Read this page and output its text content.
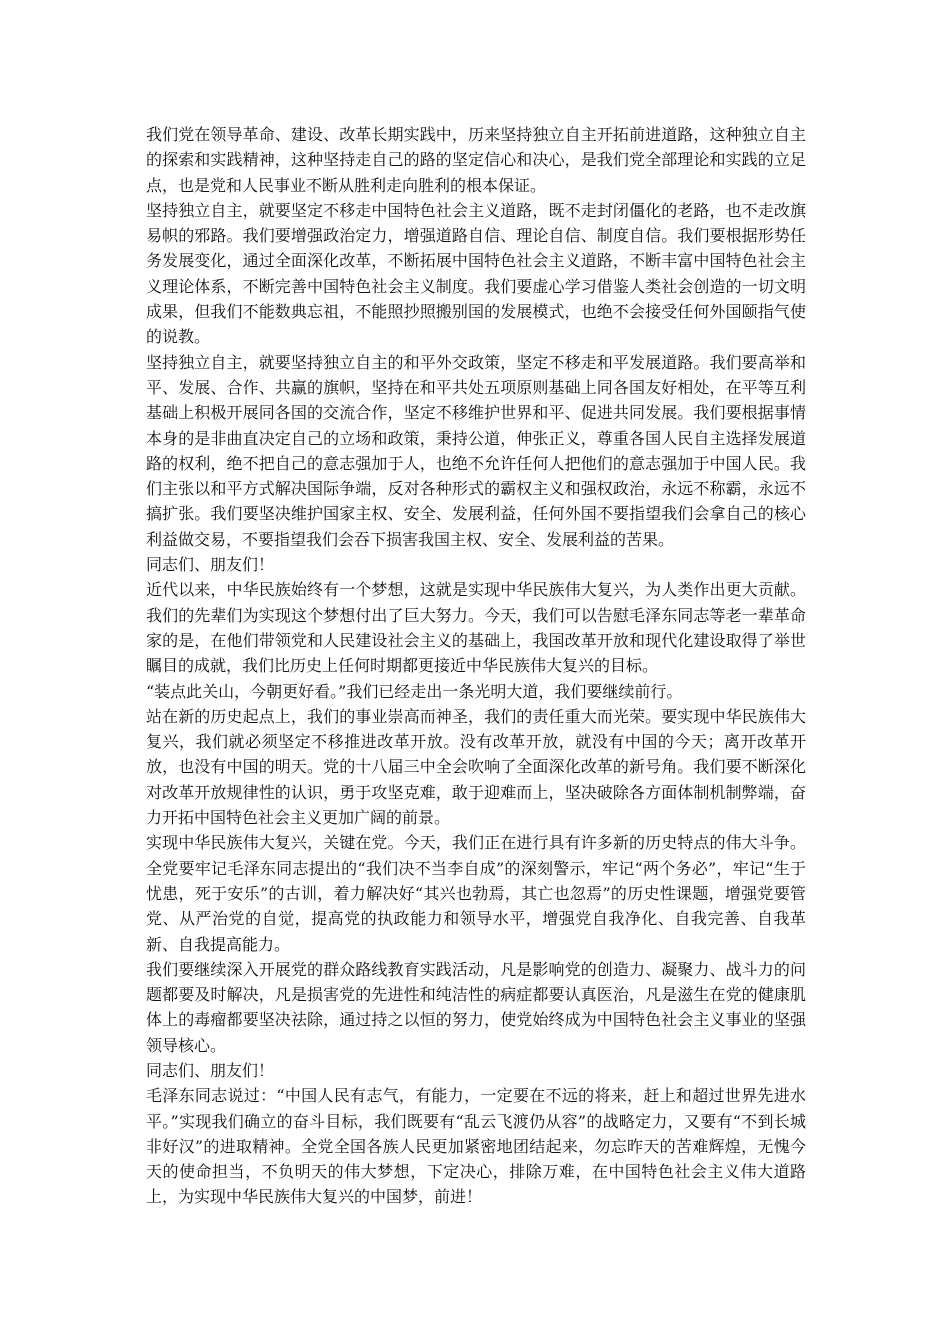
我们党在领导革命、建设、改革长期实践中，历来坚持独立自主开拓前进道路，这种独立自主的探索和实践精神，这种坚持走自己的路的坚定信心和决心，是我们党全部理论和实践的立足点，也是党和人民事业不断从胜利走向胜利的根本保证。

坚持独立自主，就要坚定不移走中国特色社会主义道路，既不走封闭僵化的老路，也不走改旗易帜的邪路。我们要增强政治定力，增强道路自信、理论自信、制度自信。我们要根据形势任务发展变化，通过全面深化改革，不断拓展中国特色社会主义道路，不断丰富中国特色社会主义理论体系，不断完善中国特色社会主义制度。我们要虚心学习借鉴人类社会创造的一切文明成果，但我们不能数典忘祖，不能照抄照搬别国的发展模式，也绝不会接受任何外国颐指气使的说教。

坚持独立自主，就要坚持独立自主的和平外交政策，坚定不移走和平发展道路。我们要高举和平、发展、合作、共赢的旗帜，坚持在和平共处五项原则基础上同各国友好相处，在平等互利基础上积极开展同各国的交流合作，坚定不移维护世界和平、促进共同发展。我们要根据事情本身的是非曲直决定自己的立场和政策，秉持公道，伸张正义，尊重各国人民自主选择发展道路的权利，绝不把自己的意志强加于人，也绝不允许任何人把他们的意志强加于中国人民。我们主张以和平方式解决国际争端，反对各种形式的霸权主义和强权政治，永远不称霸，永远不搞扩张。我们要坚决维护国家主权、安全、发展利益，任何外国不要指望我们会拿自己的核心利益做交易，不要指望我们会吞下损害我国主权、安全、发展利益的苦果。

同志们、朋友们！

近代以来，中华民族始终有一个梦想，这就是实现中华民族伟大复兴，为人类作出更大贡献。我们的先辈们为实现这个梦想付出了巨大努力。今天，我们可以告慰毛泽东同志等老一辈革命家的是，在他们带领党和人民建设社会主义的基础上，我国改革开放和现代化建设取得了举世瞩目的成就，我们比历史上任何时期都更接近中华民族伟大复兴的目标。

“装点此关山，今朝更好看。”我们已经走出一条光明大道，我们要继续前行。

站在新的历史起点上，我们的事业崇高而神圣，我们的责任重大而光荣。要实现中华民族伟大复兴，我们就必须坚定不移推进改革开放。没有改革开放，就没有中国的今天；离开改革开放，也没有中国的明天。党的十八届三中全会吹响了全面深化改革的新号角。我们要不断深化对改革开放规律性的认识，勇于攻坚克难，敢于迎难而上，坚决破除各方面体制机制弊端，奋力开拓中国特色社会主义更加广阔的前景。

实现中华民族伟大复兴，关键在党。今天，我们正在进行具有许多新的历史特点的伟大斗争。全党要牢记毛泽东同志提出的“我们决不当李自成”的深刻警示，牢记“两个务必”，牢记“生于忧患，死于安乐”的古训，着力解决好“其兴也勃焉，其亡也忽焉”的历史性课题，增强党要管党、从严治党的自觉，提高党的执政能力和领导水平，增强党自我净化、自我完善、自我革新、自我提高能力。

我们要继续深入开展党的群众路线教育实践活动，凡是影响党的创造力、凝聚力、战斗力的问题都要及时解决，凡是损害党的先进性和纯洁性的病症都要认真医治，凡是滋生在党的健康肌体上的毒瘤都要坚决祛除，通过持之以恒的努力，使党始终成为中国特色社会主义事业的坚强领导核心。

同志们、朋友们！

毛泽东同志说过：“中国人民有志气，有能力，一定要在不远的将来，赶上和超过世界先进水平。”实现我们确立的奋斗目标，我们既要有“乱云飞渡仍从容”的战略定力，又要有“不到长城非好汉”的进取精神。全党全国各族人民更加紧密地团结起来，勿忘昨天的苦难辉煌，无愧今天的使命担当，不负明天的伟大梦想，下定决心，排除万难，在中国特色社会主义伟大道路上，为实现中华民族伟大复兴的中国梦，前进！
